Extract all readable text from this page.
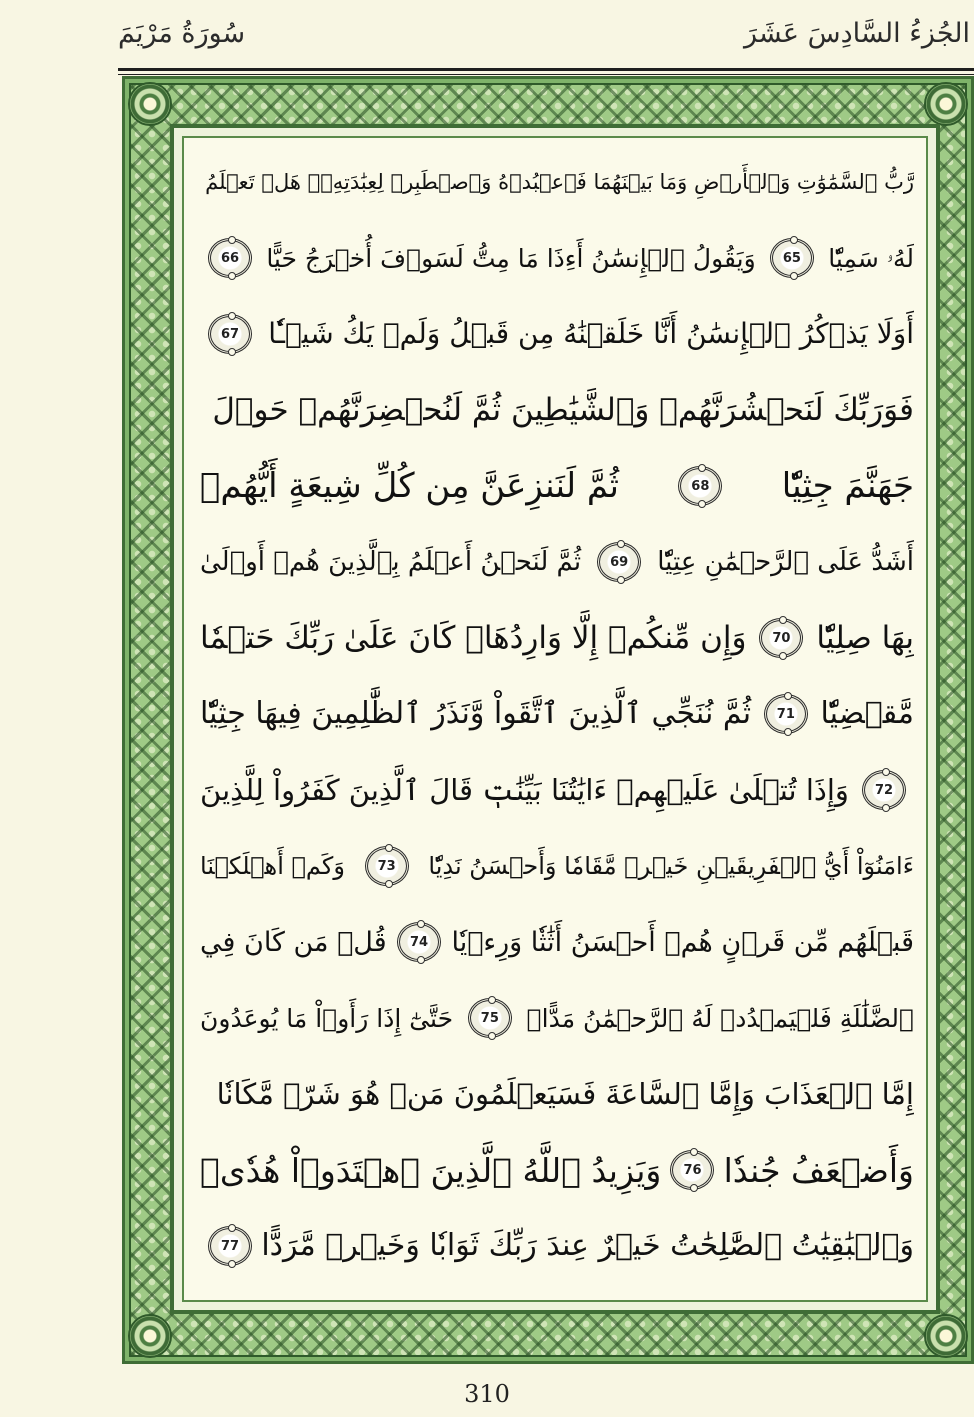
سُورَةُ مَرْيَمَ	الجُزءُ السَّادِسَ عَشَرَ
رَّبُّ ٱلسَّمَٰوَٰتِ وَٱلۡأَرۡضِ وَمَا بَيۡنَهُمَا فَٱعۡبُدۡهُ وَٱصۡطَبِرۡ لِعِبَٰدَتِهِۦۚ هَلۡ تَعۡلَمُ
لَهُۥ سَمِيّٗا
65
وَيَقُولُ ٱلۡإِنسَٰنُ أَءِذَا مَا مِتُّ لَسَوۡفَ أُخۡرَجُ حَيًّا
66
أَوَلَا يَذۡكُرُ ٱلۡإِنسَٰنُ أَنَّا خَلَقۡنَٰهُ مِن قَبۡلُ وَلَمۡ يَكُ شَيۡـٔٗا
67
فَوَرَبِّكَ لَنَحۡشُرَنَّهُمۡ وَٱلشَّيَٰطِينَ ثُمَّ لَنُحۡضِرَنَّهُمۡ حَوۡلَ
جَهَنَّمَ جِثِيّٗا
68
ثُمَّ لَنَنزِعَنَّ مِن كُلِّ شِيعَةٍ أَيُّهُمۡ
أَشَدُّ عَلَى ٱلرَّحۡمَٰنِ عِتِيّٗا
69
ثُمَّ لَنَحۡنُ أَعۡلَمُ بِٱلَّذِينَ هُمۡ أَوۡلَىٰ
بِهَا صِلِيّٗا
70
وَإِن مِّنكُمۡ إِلَّا وَارِدُهَاۚ كَانَ عَلَىٰ رَبِّكَ حَتۡمٗا
مَّقۡضِيّٗا
71
ثُمَّ نُنَجِّي ٱلَّذِينَ ٱتَّقَواْ وَّنَذَرُ ٱلظَّٰلِمِينَ فِيهَا جِثِيّٗا
72
وَإِذَا تُتۡلَىٰ عَلَيۡهِمۡ ءَايَٰتُنَا بَيِّنَٰتٖ قَالَ ٱلَّذِينَ كَفَرُواْ لِلَّذِينَ
ءَامَنُوٓاْ أَيُّ ٱلۡفَرِيقَيۡنِ خَيۡرٞ مَّقَامٗا وَأَحۡسَنُ نَدِيّٗا
73
وَكَمۡ أَهۡلَكۡنَا
قَبۡلَهُم مِّن قَرۡنٍ هُمۡ أَحۡسَنُ أَثَٰثٗا وَرِءۡيٗا
74
قُلۡ مَن كَانَ فِي
ٱلضَّلَٰلَةِ فَلۡيَمۡدُدۡ لَهُ ٱلرَّحۡمَٰنُ مَدًّاۚ
75
حَتَّىٰٓ إِذَا رَأَوۡاْ مَا يُوعَدُونَ
إِمَّا ٱلۡعَذَابَ وَإِمَّا ٱلسَّاعَةَ فَسَيَعۡلَمُونَ مَنۡ هُوَ شَرّٞ مَّكَانٗا
وَأَضۡعَفُ جُندٗا
76
وَيَزِيدُ ٱللَّهُ ٱلَّذِينَ ٱهۡتَدَوۡاْ هُدٗىۗ
وَٱلۡبَٰقِيَٰتُ ٱلصَّٰلِحَٰتُ خَيۡرٌ عِندَ رَبِّكَ ثَوَابٗا وَخَيۡرٞ مَّرَدًّا
77
310
